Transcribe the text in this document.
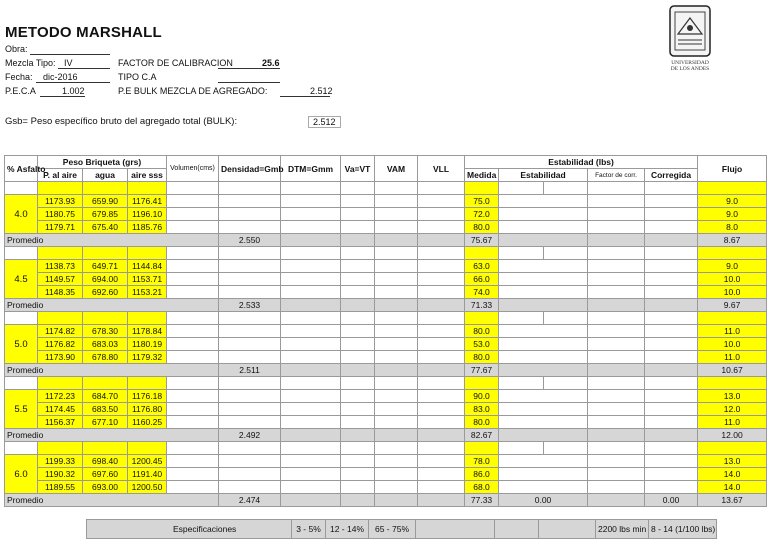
METODO MARSHALL
Obra:
Mezcla Tipo: IV
Fecha: dic-2016
P.E.C.A	1.002
FACTOR DE CALIBRACION	25.6
TIPO C.A
P.E BULK MEZCLA DE AGREGADO:	2.512
Gsb= Peso específico bruto del agregado total (BULK):	2.512
UNIVERSIDAD
DE LOS ANDES
% Asfalto	Peso Briqueta (grs)			Volumen(cms)	Densidad=Gmb	DTM=Gmm	Va=VT	VAM	VLL	Estabilidad (lbs)					Flujo
	P. al aire	agua	aire sss							Medida	Estabilidad		Factor de corr.	Corregida	

4.0	1173.93	659.90	1176.41							75.0					9.0
	1180.75	679.85	1196.10							72.0					9.0
	1179.71	675.40	1185.76							80.0					8.0
Promedio					2.550					75.67					8.67

4.5	1138.73	649.71	1144.84							63.0					9.0
	1149.57	694.00	1153.71							66.0					10.0
	1148.35	692.60	1153.21							74.0					10.0
Promedio					2.533					71.33					9.67

5.0	1174.82	678.30	1178.84							80.0					11.0
	1176.82	683.03	1180.19							53.0					10.0
	1173.90	678.80	1179.32							80.0					11.0
Promedio					2.511					77.67					10.67

5.5	1172.23	684.70	1176.18							90.0					13.0
	1174.45	683.50	1176.80							83.0					12.0
	1156.37	677.10	1160.25							80.0					11.0
Promedio					2.492					82.67					12.00

6.0	1199.33	698.40	1200.45							78.0					13.0
	1190.32	697.60	1191.40							86.0					14.0
	1189.55	693.00	1200.50							68.0					14.0
Promedio					2.474					77.33	0.00			0.00	13.67
Especificaciones	3 - 5%	12 - 14%	65 - 75%				2200 lbs min	8 - 14 (1/100 lbs)
